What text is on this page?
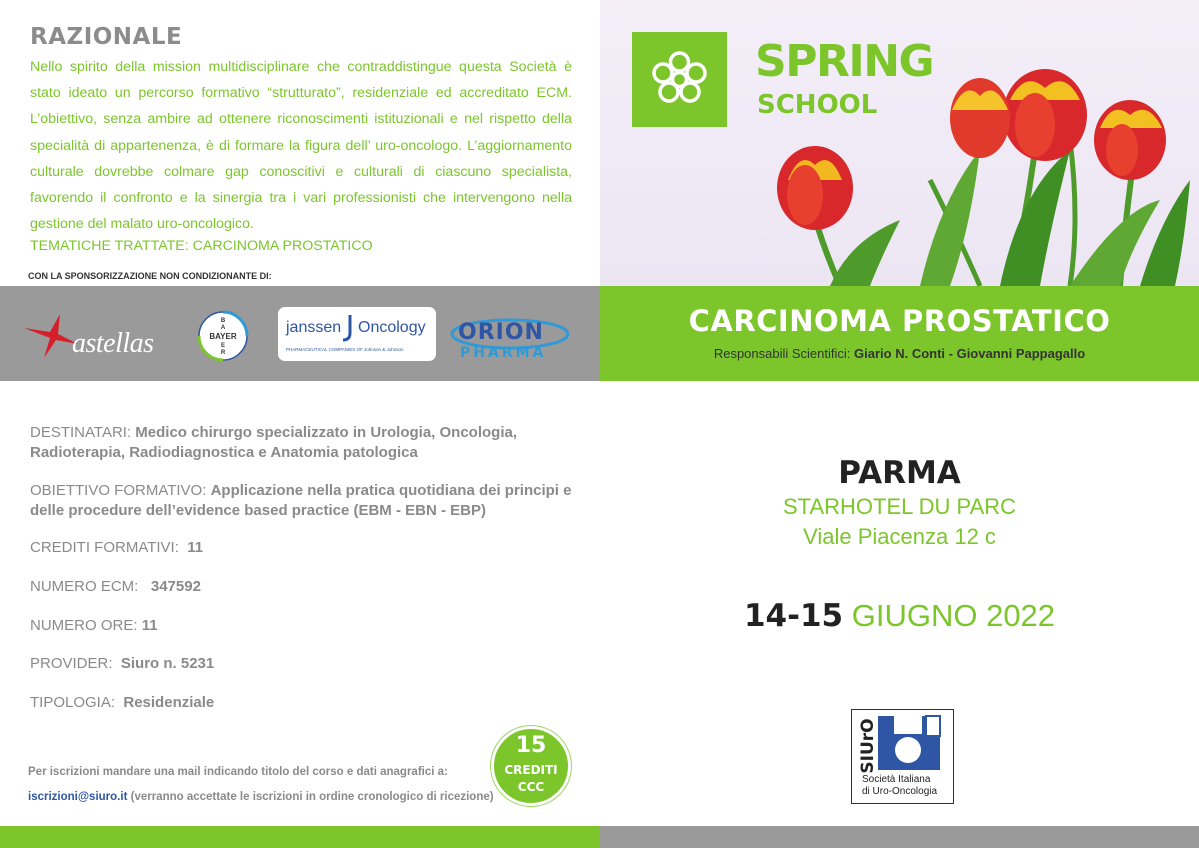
RAZIONALE
Nello spirito della mission multidisciplinare che contraddistingue questa Società è stato ideato un percorso formativo “strutturato”, residenziale ed accreditato ECM. L’obiettivo, senza ambire ad ottenere riconoscimenti istituzionali e nel rispetto della specialità di appartenenza, è di formare la figura dell’ uro-oncologo. L’aggiornamento culturale dovrebbe colmare gap conoscitivi e culturali di ciascuno specialista, favorendo il confronto e la sinergia tra i vari professionisti che intervengono nella gestione del malato uro-oncologico.
TEMATICHE TRATTATE: CARCINOMA PROSTATICO
CON LA SPONSORIZZAZIONE NON CONDIZIONANTE DI:
astellas	BAYER
B
A
E
R
janssen Oncology
PHARMACEUTICAL COMPANIES OF Johnson & Johnson
ORION
PHARMA
SPRING
SCHOOL
CARCINOMA PROSTATICO
Responsabili Scientifici: Giario N. Conti - Giovanni Pappagallo
DESTINATARI: Medico chirurgo specializzato in Urologia, Oncologia, Radioterapia, Radiodiagnostica e Anatomia patologica
OBIETTIVO FORMATIVO: Applicazione nella pratica quotidiana dei principi e delle procedure dell’evidence based practice (EBM - EBN - EBP)
CREDITI FORMATIVI: 11
NUMERO ECM: 347592
NUMERO ORE: 11
PROVIDER: Siuro n. 5231
TIPOLOGIA: Residenziale
Per iscrizioni mandare una mail indicando titolo del corso e dati anagrafici a:
iscrizioni@siuro.it (verranno accettate le iscrizioni in ordine cronologico di ricezione)
15
CREDITI
CCC
PARMA
STARHOTEL DU PARC
Viale Piacenza 12 c
14-15 GIUGNO 2022
SIUrO
Società Italiana
di Uro-Oncologia
